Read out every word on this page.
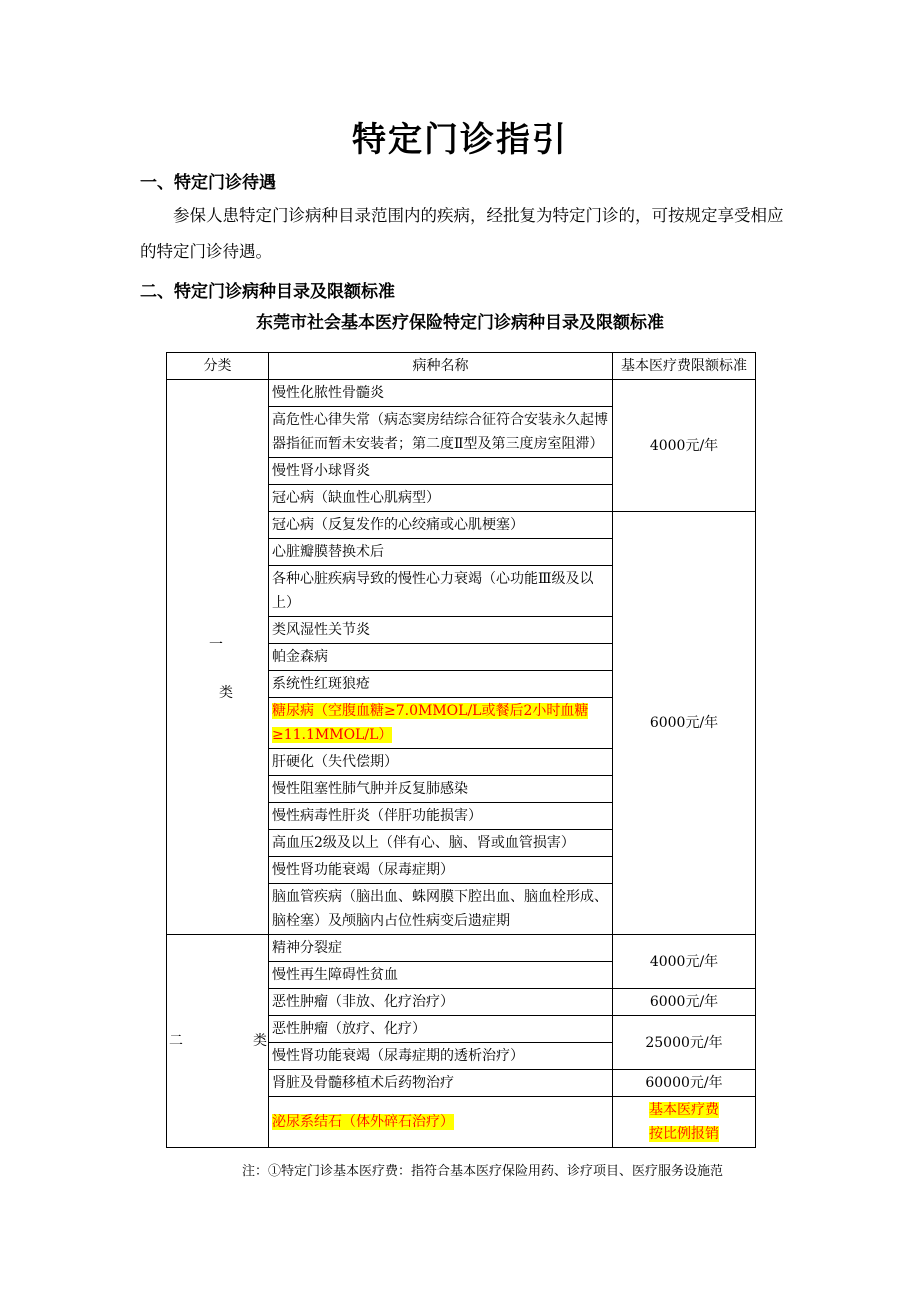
特定门诊指引
一、特定门诊待遇
参保人患特定门诊病种目录范围内的疾病，经批复为特定门诊的，可按规定享受相应的特定门诊待遇。
二、特定门诊病种目录及限额标准
东莞市社会基本医疗保险特定门诊病种目录及限额标准
分类	病种名称	基本医疗费限额标准

一
类	慢性化脓性骨髓炎	4000元/年
	高危性心律失常（病态窦房结综合征符合安装永久起博器指征而暂未安装者；第二度Ⅱ型及第三度房室阻滞）	
	慢性肾小球肾炎	
	冠心病（缺血性心肌病型）	
	冠心病（反复发作的心绞痛或心肌梗塞）	6000元/年
	心脏瓣膜替换术后	
	各种心脏疾病导致的慢性心力衰竭（心功能Ⅲ级及以上）	
	类风湿性关节炎	
	帕金森病	
	系统性红斑狼疮	
	糖尿病（空腹血糖≥7.0MMOL/L或餐后2小时血糖≥11.1MMOL/L）	
	肝硬化（失代偿期）	
	慢性阻塞性肺气肿并反复肺感染	
	慢性病毒性肝炎（伴肝功能损害）	
	高血压2级及以上（伴有心、脑、肾或血管损害）	
	慢性肾功能衰竭（尿毒症期）	
	脑血管疾病（脑出血、蛛网膜下腔出血、脑血栓形成、脑栓塞）及颅脑内占位性病变后遗症期	

二 类	精神分裂症	4000元/年
	慢性再生障碍性贫血	
	恶性肿瘤（非放、化疗治疗）	6000元/年
	恶性肿瘤（放疗、化疗）	25000元/年
	慢性肾功能衰竭（尿毒症期的透析治疗）	
	肾脏及骨髓移植术后药物治疗	60000元/年
	泌尿系结石（体外碎石治疗）	基本医疗费
按比例报销
注：①特定门诊基本医疗费：指符合基本医疗保险用药、诊疗项目、医疗服务设施范
